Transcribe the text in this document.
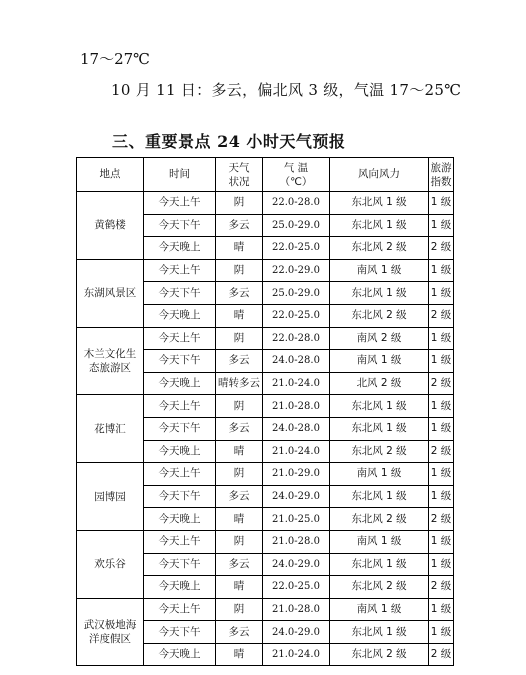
17～27℃
10 月 11 日：多云，偏北风 3 级，气温 17～25℃
三、重要景点 24 小时天气预报
地点	时间	天气状况	气 温（℃）	风向风力	旅游指数
黄鹤楼	今天上午	阴	22.0-28.0	东北风 1 级	1 级
	今天下午	多云	25.0-29.0	东北风 1 级	1 级
	今天晚上	晴	22.0-25.0	东北风 2 级	2 级
东湖风景区	今天上午	阴	22.0-29.0	南风 1 级	1 级
	今天下午	多云	25.0-29.0	东北风 1 级	1 级
	今天晚上	晴	22.0-25.0	东北风 2 级	2 级
木兰文化生态旅游区	今天上午	阴	22.0-28.0	南风 2 级	1 级
	今天下午	多云	24.0-28.0	南风 1 级	1 级
	今天晚上	晴转多云	21.0-24.0	北风 2 级	2 级
花博汇	今天上午	阴	21.0-28.0	东北风 1 级	1 级
	今天下午	多云	24.0-28.0	东北风 1 级	1 级
	今天晚上	晴	21.0-24.0	东北风 2 级	2 级
园博园	今天上午	阴	21.0-29.0	南风 1 级	1 级
	今天下午	多云	24.0-29.0	东北风 1 级	1 级
	今天晚上	晴	21.0-25.0	东北风 2 级	2 级
欢乐谷	今天上午	阴	21.0-28.0	南风 1 级	1 级
	今天下午	多云	24.0-29.0	东北风 1 级	1 级
	今天晚上	晴	22.0-25.0	东北风 2 级	2 级
武汉极地海洋度假区	今天上午	阴	21.0-28.0	南风 1 级	1 级
	今天下午	多云	24.0-29.0	东北风 1 级	1 级
	今天晚上	晴	21.0-24.0	东北风 2 级	2 级
